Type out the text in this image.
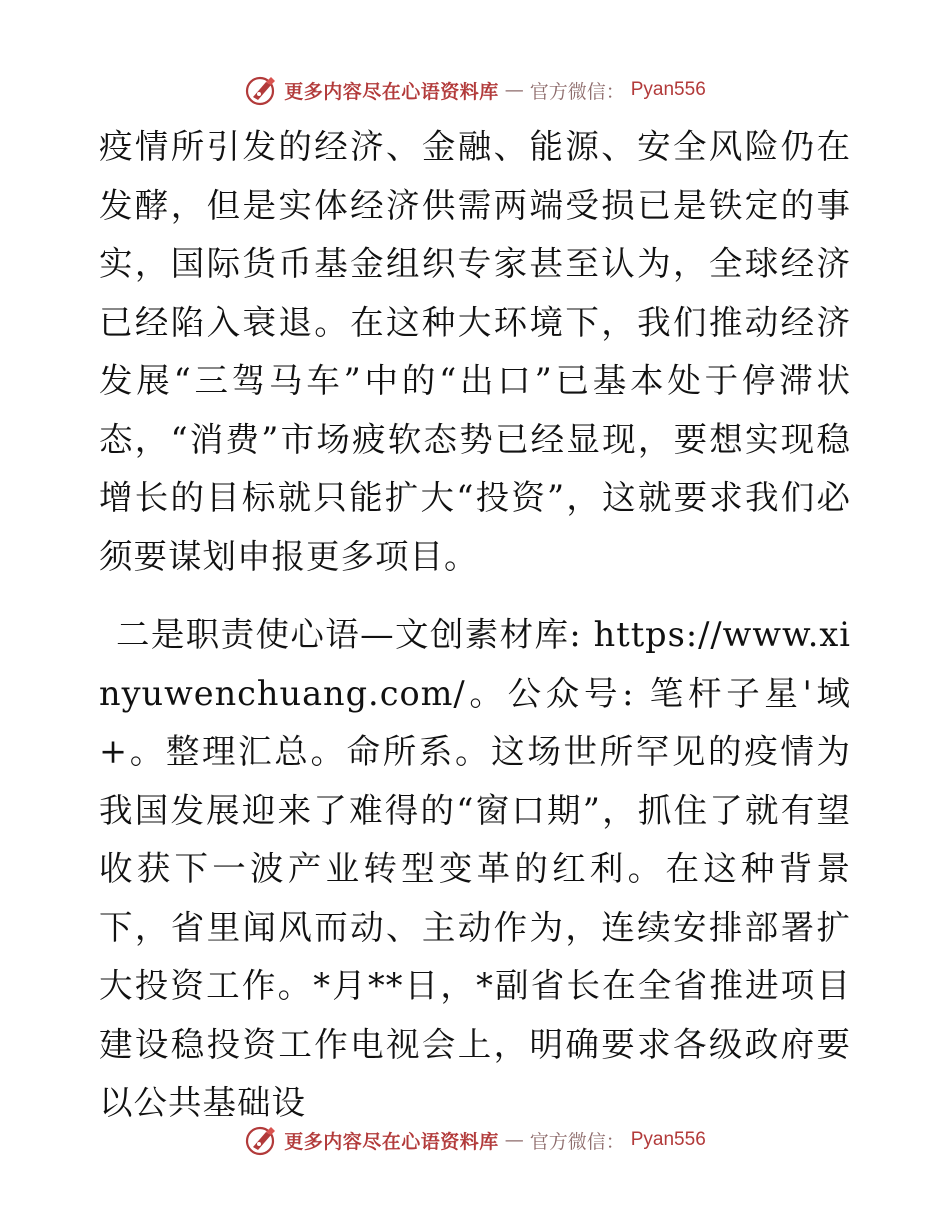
更多内容尽在心语资料库 — 官方微信： Pyan556

疫情所引发的经济、金融、能源、安全风险仍在发酵，但是实体经济供需两端受损已是铁定的事实，国际货币基金组织专家甚至认为，全球经济已经陷入衰退。在这种大环境下，我们推动经济发展“三驾马车”中的“出口”已基本处于停滞状态，“消费”市场疲软态势已经显现，要想实现稳增长的目标就只能扩大“投资”，这就要求我们必须要谋划申报更多项目。

二是职责使心语—文创素材库: https://www.xinyuwenchuang.com/。公众号: 笔杆子星'域+。整理汇总。命所系。这场世所罕见的疫情为我国发展迎来了难得的“窗口期”，抓住了就有望收获下一波产业转型变革的红利。在这种背景下，省里闻风而动、主动作为，连续安排部署扩大投资工作。*月**日，*副省长在全省推进项目建设稳投资工作电视会上，明确要求各级政府要以公共基础设

更多内容尽在心语资料库 — 官方微信： Pyan556
